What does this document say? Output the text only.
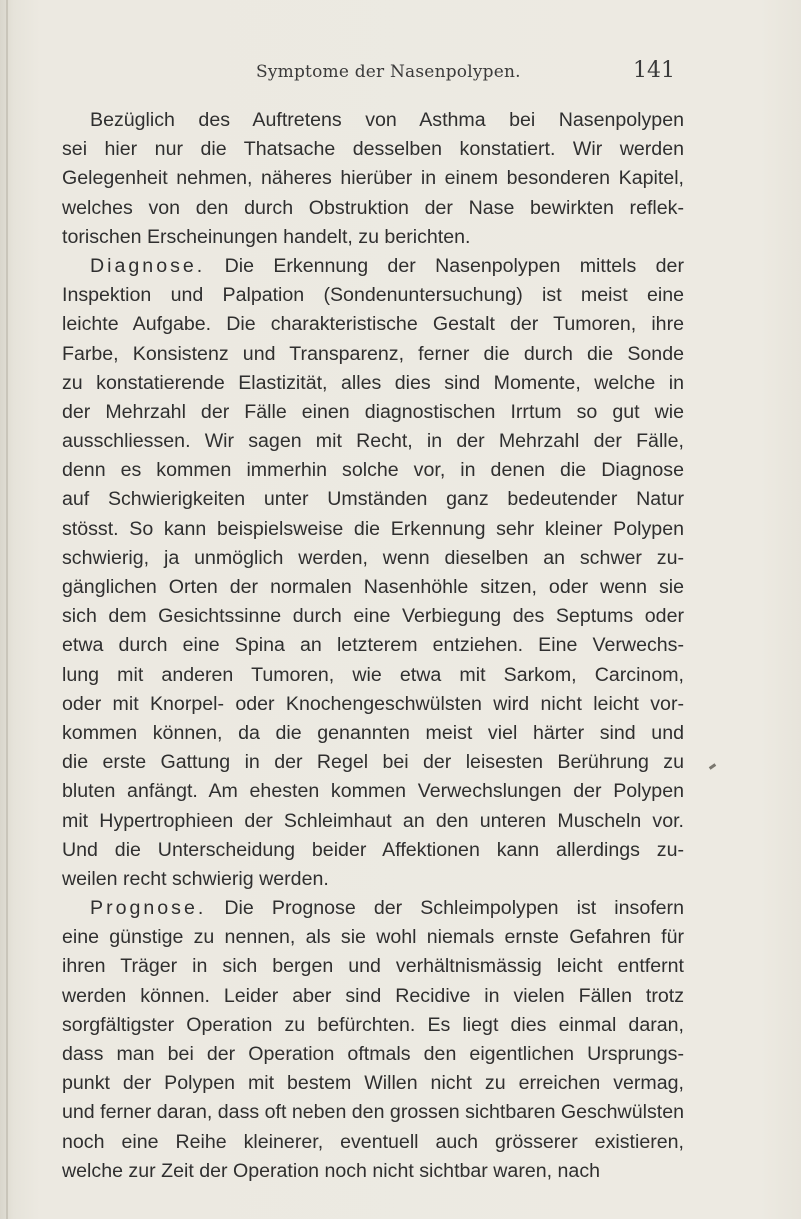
Symptome der Nasenpolypen.	141
Bezüglich des Auftretens von Asthma bei Nasenpolypen
sei hier nur die Thatsache desselben konstatiert. Wir werden
Gelegenheit nehmen, näheres hierüber in einem besonderen Kapitel,
welches von den durch Obstruktion der Nase bewirkten reflek-
torischen Erscheinungen handelt, zu berichten.
Diagnose. Die Erkennung der Nasenpolypen mittels der
Inspektion und Palpation (Sondenuntersuchung) ist meist eine
leichte Aufgabe. Die charakteristische Gestalt der Tumoren, ihre
Farbe, Konsistenz und Transparenz, ferner die durch die Sonde
zu konstatierende Elastizität, alles dies sind Momente, welche in
der Mehrzahl der Fälle einen diagnostischen Irrtum so gut wie
ausschliessen. Wir sagen mit Recht, in der Mehrzahl der Fälle,
denn es kommen immerhin solche vor, in denen die Diagnose
auf Schwierigkeiten unter Umständen ganz bedeutender Natur
stösst. So kann beispielsweise die Erkennung sehr kleiner Polypen
schwierig, ja unmöglich werden, wenn dieselben an schwer zu-
gänglichen Orten der normalen Nasenhöhle sitzen, oder wenn sie
sich dem Gesichtssinne durch eine Verbiegung des Septums oder
etwa durch eine Spina an letzterem entziehen. Eine Verwechs-
lung mit anderen Tumoren, wie etwa mit Sarkom, Carcinom,
oder mit Knorpel- oder Knochengeschwülsten wird nicht leicht vor-
kommen können, da die genannten meist viel härter sind und
die erste Gattung in der Regel bei der leisesten Berührung zu
bluten anfängt. Am ehesten kommen Verwechslungen der Polypen
mit Hypertrophieen der Schleimhaut an den unteren Muscheln vor.
Und die Unterscheidung beider Affektionen kann allerdings zu-
weilen recht schwierig werden.
Prognose. Die Prognose der Schleimpolypen ist insofern
eine günstige zu nennen, als sie wohl niemals ernste Gefahren für
ihren Träger in sich bergen und verhältnismässig leicht entfernt
werden können. Leider aber sind Recidive in vielen Fällen trotz
sorgfältigster Operation zu befürchten. Es liegt dies einmal daran,
dass man bei der Operation oftmals den eigentlichen Ursprungs-
punkt der Polypen mit bestem Willen nicht zu erreichen vermag,
und ferner daran, dass oft neben den grossen sichtbaren Geschwülsten
noch eine Reihe kleinerer, eventuell auch grösserer existieren,
welche zur Zeit der Operation noch nicht sichtbar waren, nach
